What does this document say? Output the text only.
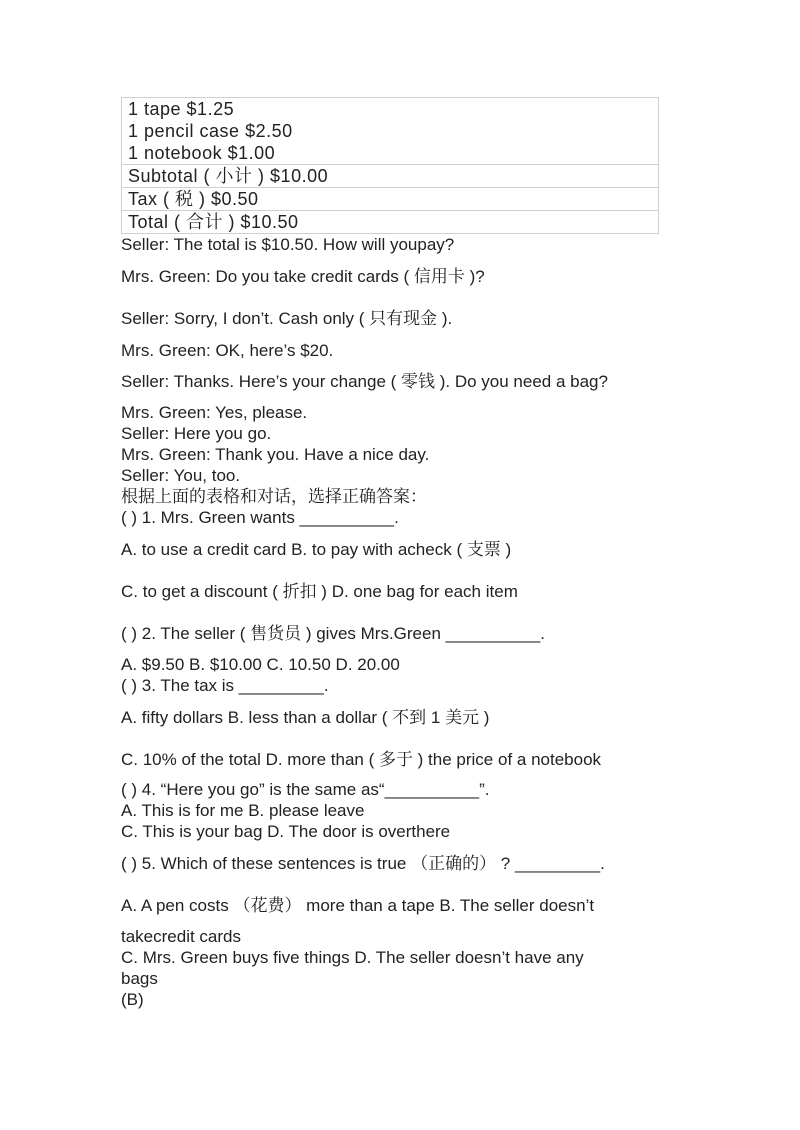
1 tape $1.25
1 pencil case $2.50
1 notebook $1.00

Subtotal ( 小计 ) $10.00
Tax ( 税 ) $0.50
Total ( 合计 ) $10.50
Seller: The total is $10.50. How will youpay?
Mrs. Green: Do you take credit cards ( 信用卡 )?
Seller: Sorry, I don’t. Cash only ( 只有现金 ).
Mrs. Green: OK, here’s $20.
Seller: Thanks. Here’s your change ( 零钱 ). Do you need a bag?
Mrs. Green: Yes, please.
Seller: Here you go.
Mrs. Green: Thank you. Have a nice day.
Seller: You, too.
根据上面的表格和对话，选择正确答案：
( ) 1. Mrs. Green wants __________.
A. to use a credit card B. to pay with acheck ( 支票 )
C. to get a discount ( 折扣 ) D. one bag for each item
( ) 2. The seller ( 售货员 ) gives Mrs.Green __________.
A. $9.50 B. $10.00 C. 10.50 D. 20.00
( ) 3. The tax is _________.
A. fifty dollars B. less than a dollar ( 不到 1 美元 )
C. 10% of the total D. more than ( 多于 ) the price of a notebook
( ) 4. “Here you go” is the same as“__________”.
A. This is for me B. please leave
C. This is your bag D. The door is overthere
( ) 5. Which of these sentences is true （正确的） ? _________.
A. A pen costs （花费） more than a tape B. The seller doesn’t
takecredit cards
C. Mrs. Green buys five things D. The seller doesn’t have any
bags
(B)
